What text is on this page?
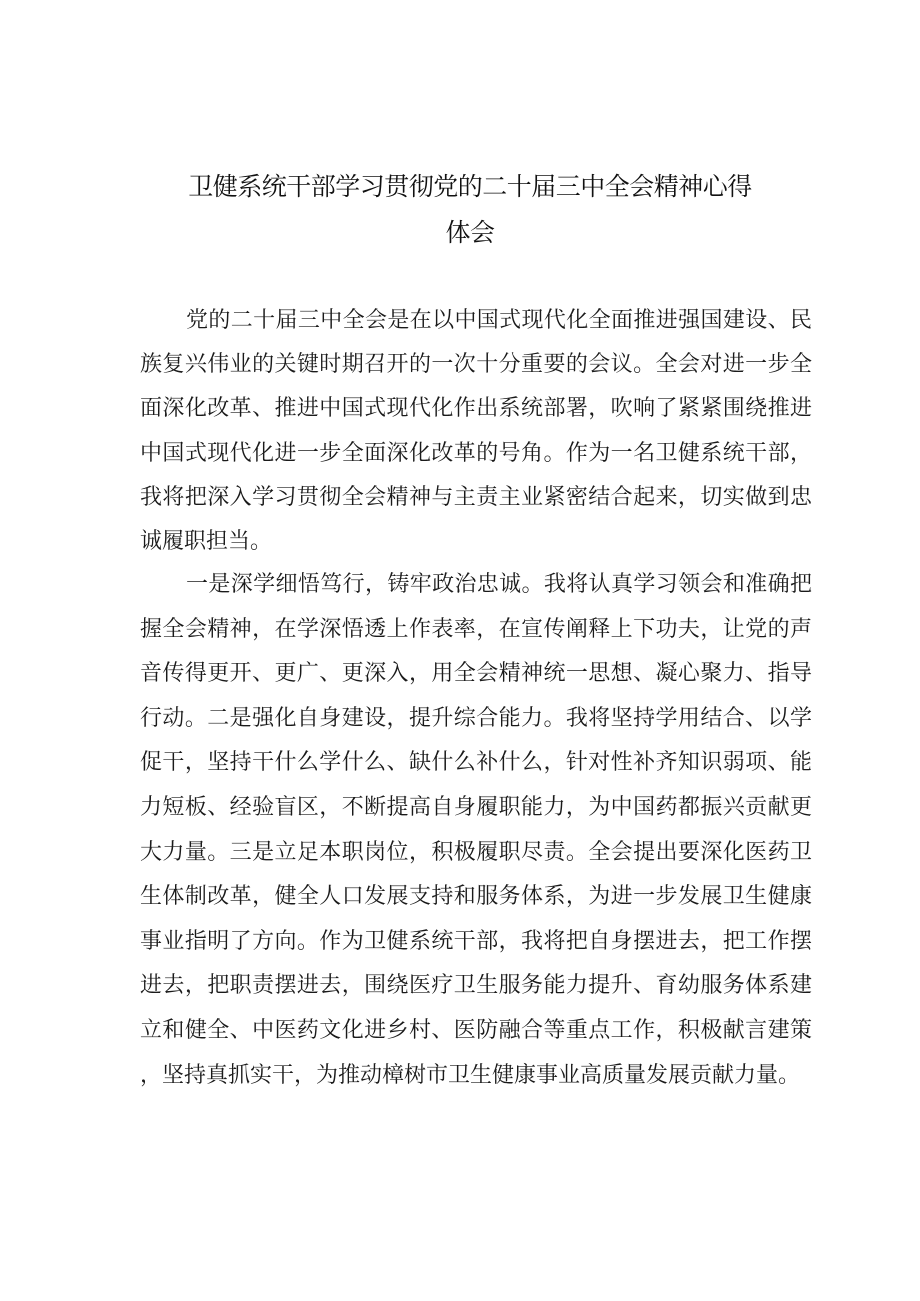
卫健系统干部学习贯彻党的二十届三中全会精神心得
体会

党的二十届三中全会是在以中国式现代化全面推进强国建设、民族复兴伟业的关键时期召开的一次十分重要的会议。全会对进一步全面深化改革、推进中国式现代化作出系统部署，吹响了紧紧围绕推进中国式现代化进一步全面深化改革的号角。作为一名卫健系统干部，我将把深入学习贯彻全会精神与主责主业紧密结合起来，切实做到忠诚履职担当。

一是深学细悟笃行，铸牢政治忠诚。我将认真学习领会和准确把握全会精神，在学深悟透上作表率，在宣传阐释上下功夫，让党的声音传得更开、更广、更深入，用全会精神统一思想、凝心聚力、指导行动。二是强化自身建设，提升综合能力。我将坚持学用结合、以学促干，坚持干什么学什么、缺什么补什么，针对性补齐知识弱项、能力短板、经验盲区，不断提高自身履职能力，为中国药都振兴贡献更大力量。三是立足本职岗位，积极履职尽责。全会提出要深化医药卫生体制改革，健全人口发展支持和服务体系，为进一步发展卫生健康事业指明了方向。作为卫健系统干部，我将把自身摆进去，把工作摆进去，把职责摆进去，围绕医疗卫生服务能力提升、育幼服务体系建立和健全、中医药文化进乡村、医防融合等重点工作，积极献言建策，坚持真抓实干，为推动樟树市卫生健康事业高质量发展贡献力量。
